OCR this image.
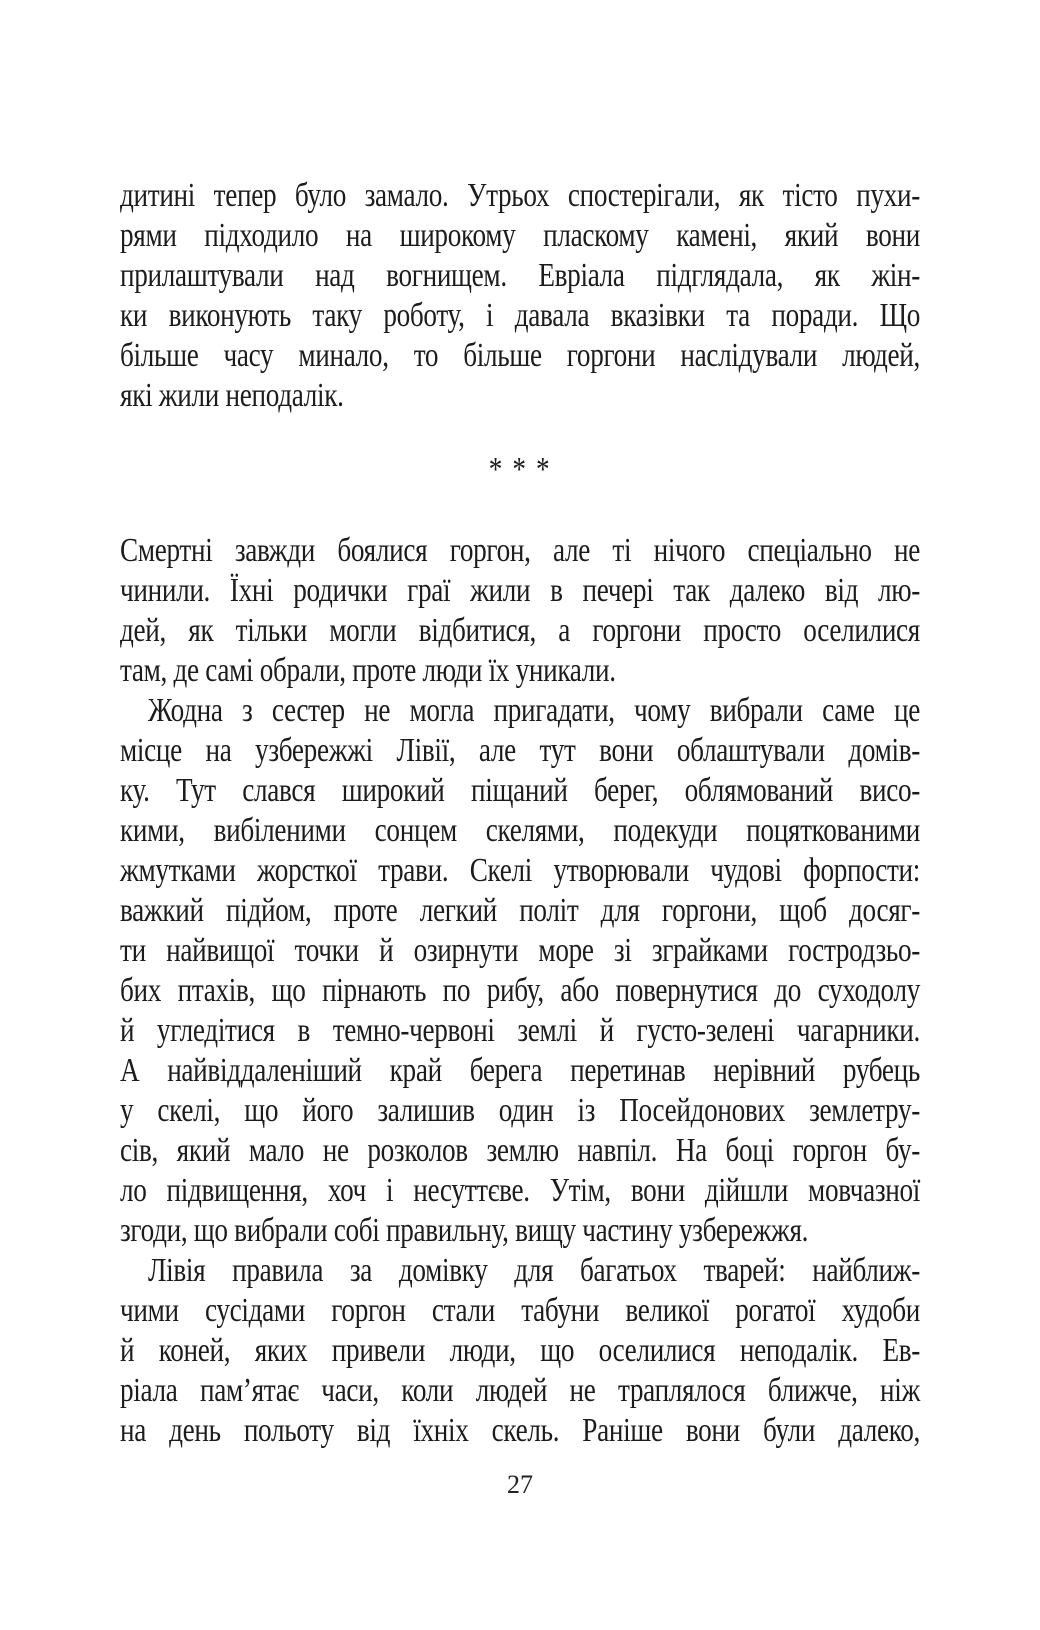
дитині тепер було замало. Утрьох спостерігали, як тісто пухи-
рями підходило на широкому пласкому камені, який вони
прилаштували над вогнищем. Евріала підглядала, як жін-
ки виконують таку роботу, і давала вказівки та поради. Що
більше часу минало, то більше горгони наслідували людей,
які жили неподалік.
* * *
Смертні завжди боялися горгон, але ті нічого спеціально не
чинили. Їхні родички граї жили в печері так далеко від лю-
дей, як тільки могли відбитися, а горгони просто оселилися
там, де самі обрали, проте люди їх уникали.
Жодна з сестер не могла пригадати, чому вибрали саме це
місце на узбережжі Лівії, але тут вони облаштували домів-
ку. Тут слався широкий піщаний берег, облямований висо-
кими, вибіленими сонцем скелями, подекуди поцяткованими
жмутками жорсткої трави. Скелі утворювали чудові форпости:
важкий підйом, проте легкий політ для горгони, щоб досяг-
ти найвищої точки й озирнути море зі зграйками гостродзьо-
бих птахів, що пірнають по рибу, або повернутися до суходолу
й угледітися в темно-червоні землі й густо-зелені чагарники.
А найвіддаленіший край берега перетинав нерівний рубець
у скелі, що його залишив один із Посейдонових землетру-
сів, який мало не розколов землю навпіл. На боці горгон бу-
ло підвищення, хоч і несуттєве. Утім, вони дійшли мовчазної
згоди, що вибрали собі правильну, вищу частину узбережжя.
Лівія правила за домівку для багатьох тварей: найближ-
чими сусідами горгон стали табуни великої рогатої худоби
й коней, яких привели люди, що оселилися неподалік. Ев-
ріала пам’ятає часи, коли людей не траплялося ближче, ніж
на день польоту від їхніх скель. Раніше вони були далеко,
27
